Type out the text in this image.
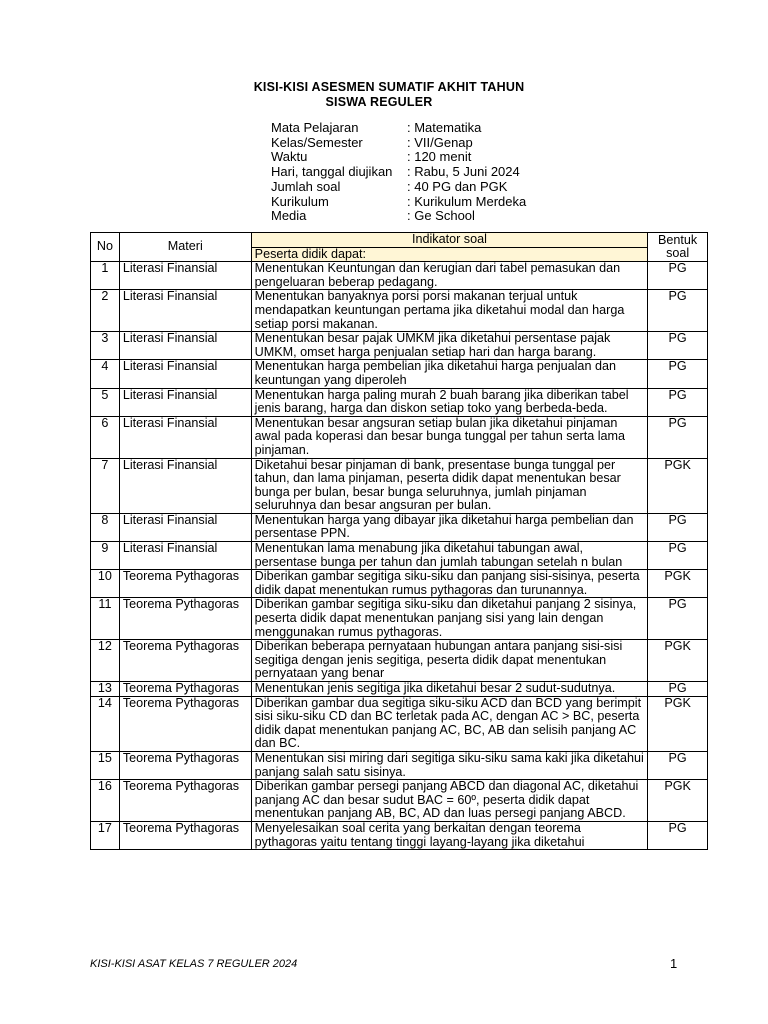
KISI-KISI ASESMEN SUMATIF AKHIT TAHUN
SISWA REGULER
Mata Pelajaran	: Matematika
Kelas/Semester	: VII/Genap
Waktu	: 120 menit
Hari, tanggal diujikan	: Rabu, 5 Juni 2024
Jumlah soal	: 40 PG dan PGK
Kurikulum	: Kurikulum Merdeka
Media	: Ge School
No	Materi	Indikator soal	Bentuk soal
		Peserta didik dapat:	
1	Literasi Finansial	Menentukan Keuntungan dan kerugian dari tabel pemasukan dan pengeluaran beberap pedagang.	PG
2	Literasi Finansial	Menentukan banyaknya porsi porsi makanan terjual untuk mendapatkan keuntungan pertama jika diketahui modal dan harga setiap porsi makanan.	PG
3	Literasi Finansial	Menentukan besar pajak UMKM jika diketahui persentase pajak UMKM, omset harga penjualan setiap hari dan harga barang.	PG
4	Literasi Finansial	Menentukan harga pembelian jika diketahui harga penjualan dan keuntungan yang diperoleh	PG
5	Literasi Finansial	Menentukan harga paling murah 2 buah barang jika diberikan tabel jenis barang, harga dan diskon setiap toko yang berbeda-beda.	PG
6	Literasi Finansial	Menentukan besar angsuran setiap bulan jika diketahui pinjaman awal pada koperasi dan besar bunga tunggal per tahun serta lama pinjaman.	PG
7	Literasi Finansial	Diketahui besar pinjaman di bank, presentase bunga tunggal per tahun, dan lama pinjaman, peserta didik dapat menentukan besar bunga per bulan, besar bunga seluruhnya, jumlah pinjaman seluruhnya dan besar angsuran per bulan.	PGK
8	Literasi Finansial	Menentukan harga yang dibayar jika diketahui harga pembelian dan persentase PPN.	PG
9	Literasi Finansial	Menentukan lama menabung jika diketahui tabungan awal, persentase bunga per tahun dan jumlah tabungan setelah n bulan	PG
10	Teorema Pythagoras	Diberikan gambar segitiga siku-siku dan panjang sisi-sisinya, peserta didik dapat menentukan rumus pythagoras dan turunannya.	PGK
11	Teorema Pythagoras	Diberikan gambar segitiga siku-siku dan diketahui panjang 2 sisinya, peserta didik dapat menentukan panjang sisi yang lain dengan menggunakan rumus pythagoras.	PG
12	Teorema Pythagoras	Diberikan beberapa pernyataan hubungan antara panjang sisi-sisi segitiga dengan jenis segitiga, peserta didik dapat menentukan pernyataan yang benar	PGK
13	Teorema Pythagoras	Menentukan jenis segitiga jika diketahui besar 2 sudut-sudutnya.	PG
14	Teorema Pythagoras	Diberikan gambar dua segitiga siku-siku ACD dan BCD yang berimpit sisi siku-siku CD dan BC terletak pada AC, dengan AC > BC, peserta didik dapat menentukan panjang AC, BC, AB dan selisih panjang AC dan BC.	PGK
15	Teorema Pythagoras	Menentukan sisi miring dari segitiga siku-siku sama kaki jika diketahui panjang salah satu sisinya.	PG
16	Teorema Pythagoras	Diberikan gambar persegi panjang ABCD dan diagonal AC, diketahui panjang AC dan besar sudut BAC = 60º, peserta didik dapat menentukan panjang AB, BC, AD dan luas persegi panjang ABCD.	PGK
17	Teorema Pythagoras	Menyelesaikan soal cerita yang berkaitan dengan teorema pythagoras yaitu tentang tinggi layang-layang jika diketahui	PG
KISI-KISI ASAT KELAS 7 REGULER 2024	1
